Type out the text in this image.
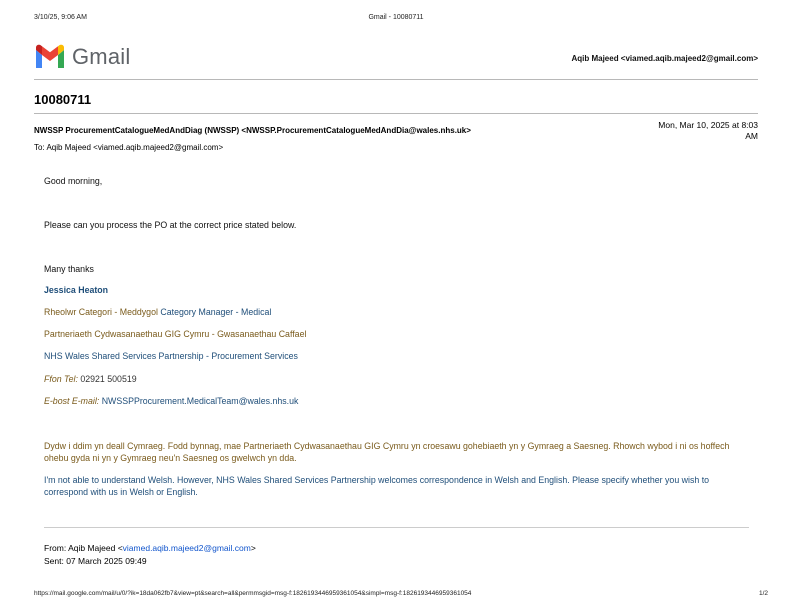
3/10/25, 9:06 AM	Gmail - 10080711
Gmail	Aqib Majeed <viamed.aqib.majeed2@gmail.com>
10080711
NWSSP ProcurementCatalogueMedAndDiag (NWSSP) <NWSSP.ProcurementCatalogueMedAndDia@wales.nhs.uk>
Mon, Mar 10, 2025 at 8:03
AM
To: Aqib Majeed <viamed.aqib.majeed2@gmail.com>
Good morning,
Please can you process the PO at the correct price stated below.
Many thanks
Jessica Heaton
Rheolwr Categori - Meddygol Category Manager - Medical
Partneriaeth Cydwasanaethau GIG Cymru - Gwasanaethau Caffael
NHS Wales Shared Services Partnership - Procurement Services
Ffon Tel: 02921 500519
E-bost E-mail: NWSSPProcurement.MedicalTeam@wales.nhs.uk
Dydw i ddim yn deall Cymraeg. Fodd bynnag, mae Partneriaeth Cydwasanaethau GIG Cymru yn croesawu gohebiaeth yn y Gymraeg a Saesneg. Rhowch wybod i ni os hoffech ohebu gyda ni yn y Gymraeg neu'n Saesneg os gwelwch yn dda.
I'm not able to understand Welsh. However, NHS Wales Shared Services Partnership welcomes correspondence in Welsh and English. Please specify whether you wish to correspond with us in Welsh or English.
From: Aqib Majeed <viamed.aqib.majeed2@gmail.com>
Sent: 07 March 2025 09:49
https://mail.google.com/mail/u/0/?ik=18da062fb7&view=pt&search=all&permmsgid=msg-f:1826193446959361054&simpl=msg-f:1826193446959361054	1/2
